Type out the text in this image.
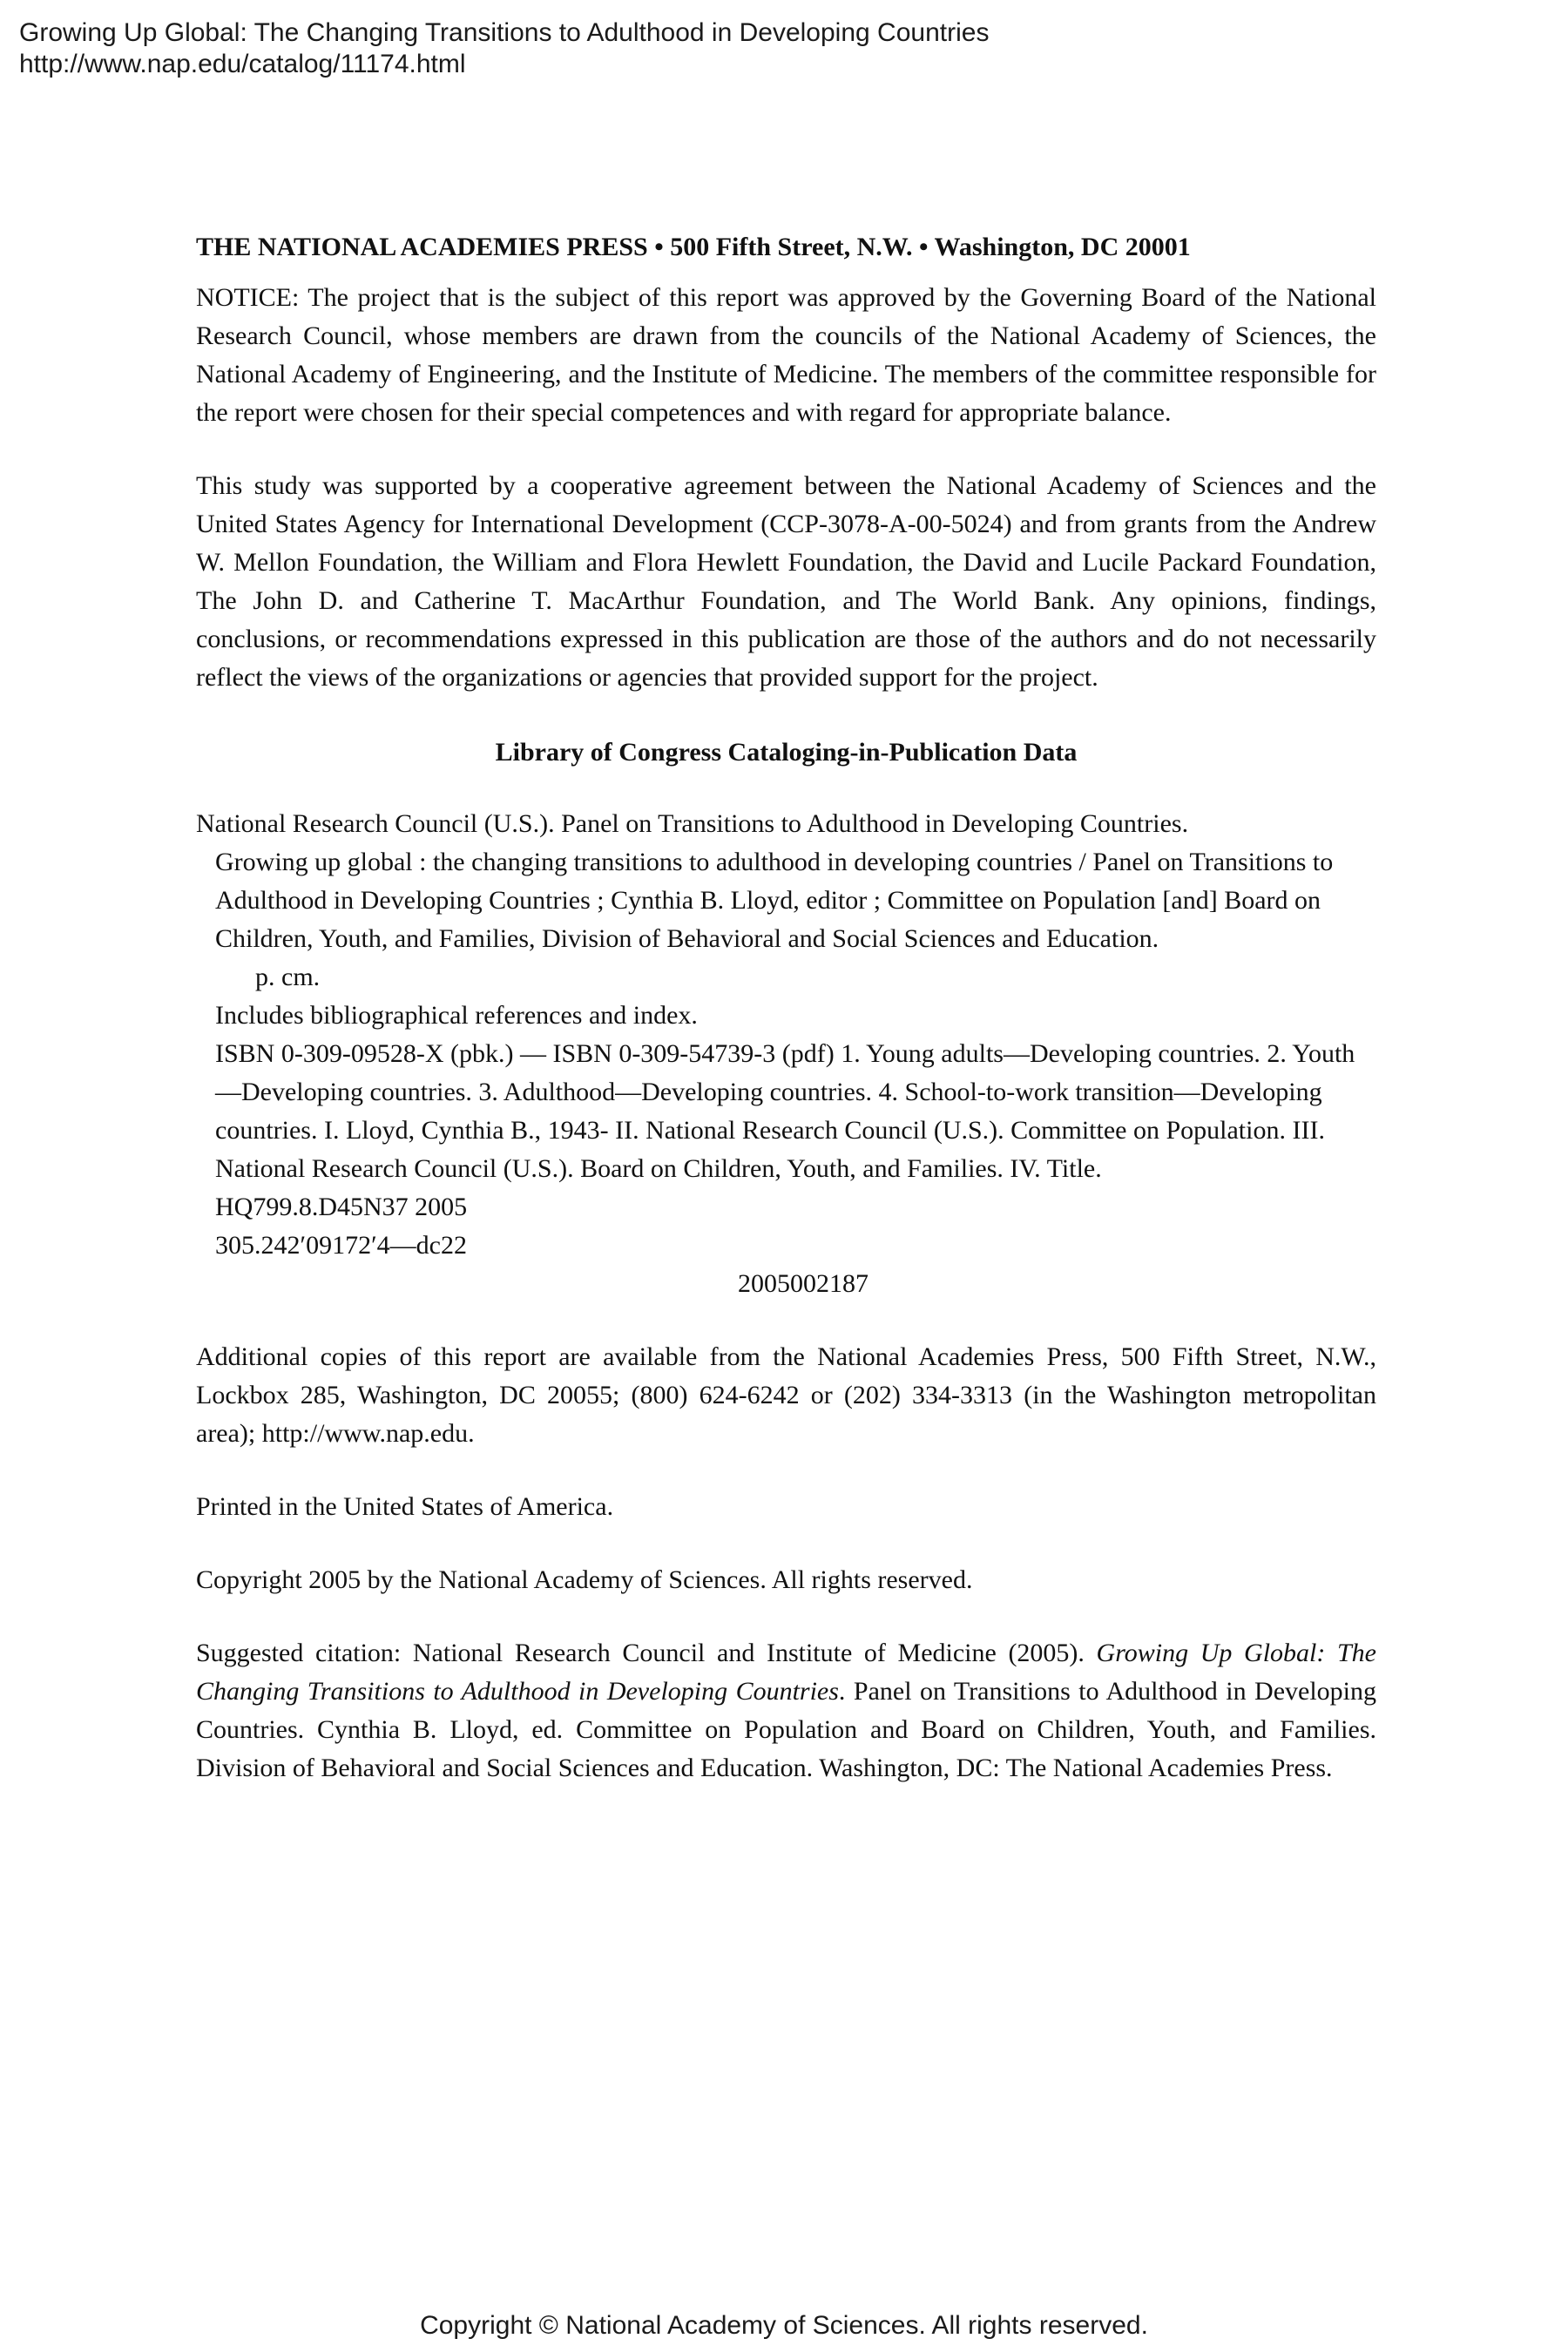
Growing Up Global: The Changing Transitions to Adulthood in Developing Countries
http://www.nap.edu/catalog/11174.html
THE NATIONAL ACADEMIES PRESS • 500 Fifth Street, N.W. • Washington, DC 20001

NOTICE: The project that is the subject of this report was approved by the Governing Board of the National Research Council, whose members are drawn from the councils of the National Academy of Sciences, the National Academy of Engineering, and the Institute of Medicine. The members of the committee responsible for the report were chosen for their special competences and with regard for appropriate balance.

This study was supported by a cooperative agreement between the National Academy of Sciences and the United States Agency for International Development (CCP-3078-A-00-5024) and from grants from the Andrew W. Mellon Foundation, the William and Flora Hewlett Foundation, the David and Lucile Packard Foundation, The John D. and Catherine T. MacArthur Foundation, and The World Bank. Any opinions, findings, conclusions, or recommendations expressed in this publication are those of the authors and do not necessarily reflect the views of the organizations or agencies that provided support for the project.

Library of Congress Cataloging-in-Publication Data

National Research Council (U.S.). Panel on Transitions to Adulthood in Developing Countries.

Growing up global : the changing transitions to adulthood in developing countries / Panel on Transitions to Adulthood in Developing Countries ; Cynthia B. Lloyd, editor ; Committee on Population [and] Board on Children, Youth, and Families, Division of Behavioral and Social Sciences and Education.

p. cm.

Includes bibliographical references and index.

ISBN 0-309-09528-X (pbk.) — ISBN 0-309-54739-3 (pdf) 1. Young adults—Developing countries. 2. Youth—Developing countries. 3. Adulthood—Developing countries. 4. School-to-work transition—Developing countries. I. Lloyd, Cynthia B., 1943- II. National Research Council (U.S.). Committee on Population. III. National Research Council (U.S.). Board on Children, Youth, and Families. IV. Title.

HQ799.8.D45N37 2005

305.242′09172′4—dc22

2005002187

Additional copies of this report are available from the National Academies Press, 500 Fifth Street, N.W., Lockbox 285, Washington, DC 20055; (800) 624-6242 or (202) 334-3313 (in the Washington metropolitan area); http://www.nap.edu.

Printed in the United States of America.

Copyright 2005 by the National Academy of Sciences. All rights reserved.

Suggested citation: National Research Council and Institute of Medicine (2005). Growing Up Global: The Changing Transitions to Adulthood in Developing Countries. Panel on Transitions to Adulthood in Developing Countries. Cynthia B. Lloyd, ed. Committee on Population and Board on Children, Youth, and Families. Division of Behavioral and Social Sciences and Education. Washington, DC: The National Academies Press.

Copyright © National Academy of Sciences. All rights reserved.
